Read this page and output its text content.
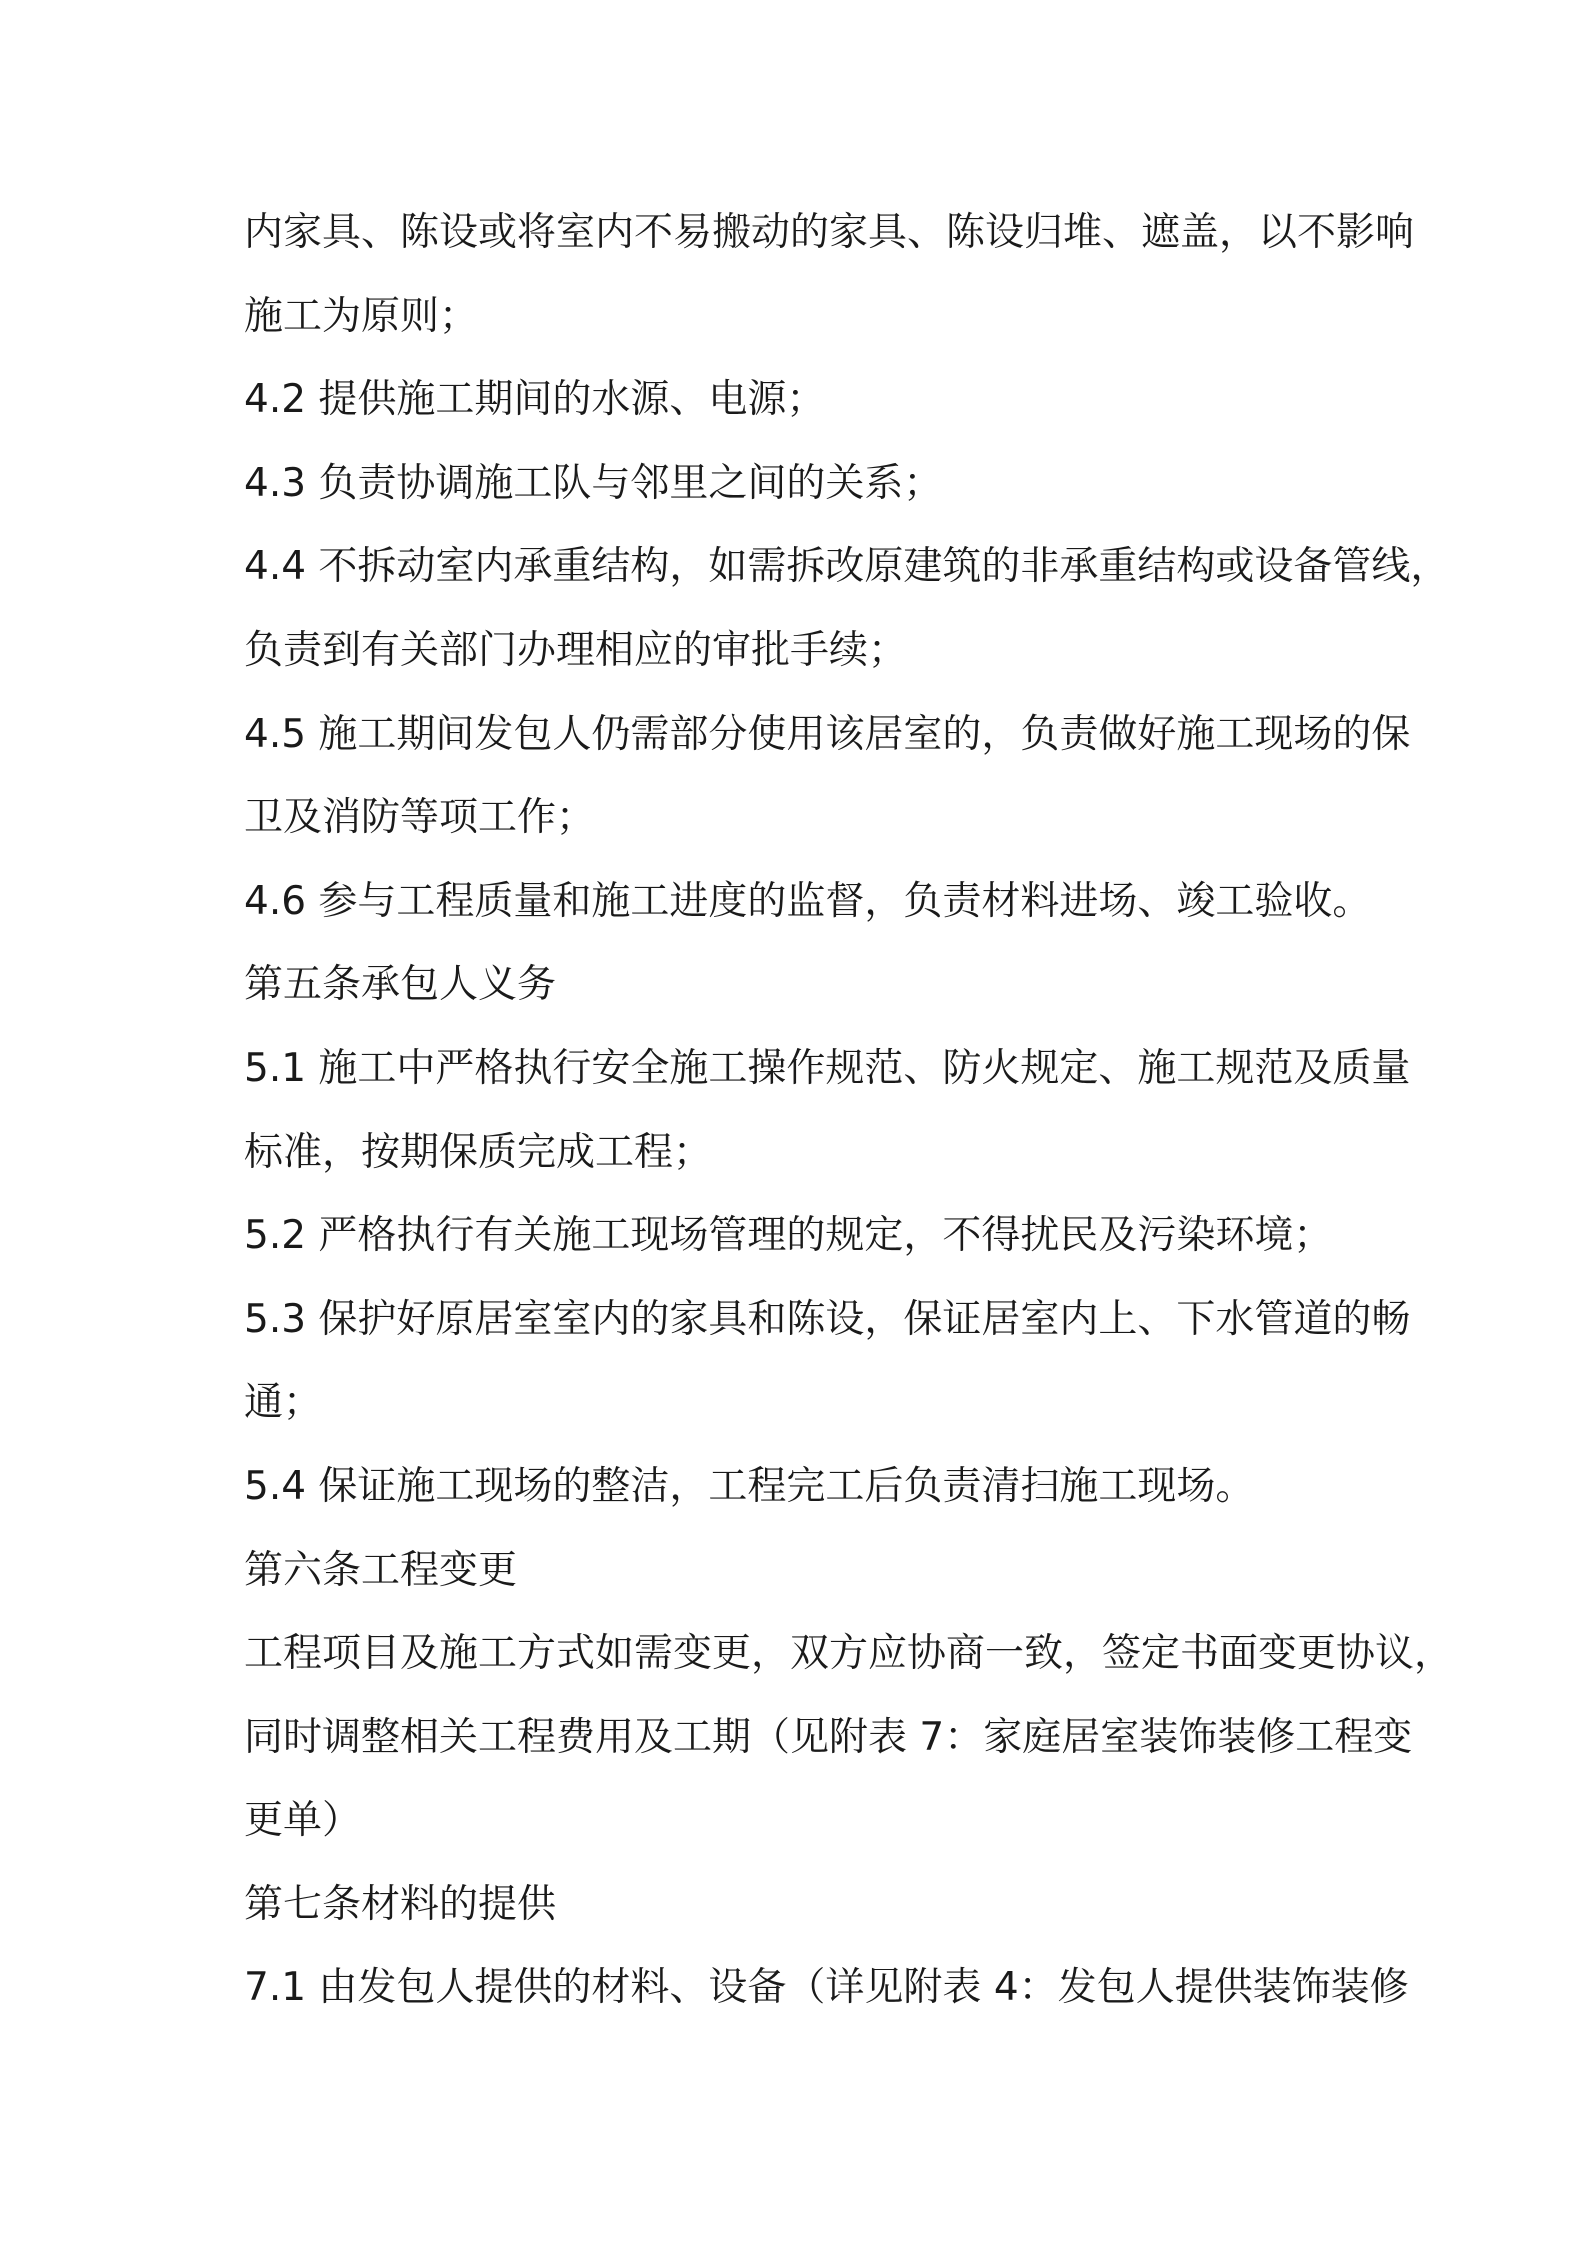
内家具、陈设或将室内不易搬动的家具、陈设归堆、遮盖，以不影响

施工为原则；

4.2 提供施工期间的水源、电源；

4.3 负责协调施工队与邻里之间的关系；

4.4 不拆动室内承重结构，如需拆改原建筑的非承重结构或设备管线，

负责到有关部门办理相应的审批手续；

4.5 施工期间发包人仍需部分使用该居室的，负责做好施工现场的保

卫及消防等项工作；

4.6 参与工程质量和施工进度的监督，负责材料进场、竣工验收。

第五条承包人义务

5.1 施工中严格执行安全施工操作规范、防火规定、施工规范及质量

标准，按期保质完成工程；

5.2 严格执行有关施工现场管理的规定，不得扰民及污染环境；

5.3 保护好原居室室内的家具和陈设，保证居室内上、下水管道的畅

通；

5.4 保证施工现场的整洁，工程完工后负责清扫施工现场。

第六条工程变更

工程项目及施工方式如需变更，双方应协商一致，签定书面变更协议，

同时调整相关工程费用及工期（见附表 7：家庭居室装饰装修工程变

更单）

第七条材料的提供

7.1 由发包人提供的材料、设备（详见附表 4：发包人提供装饰装修
